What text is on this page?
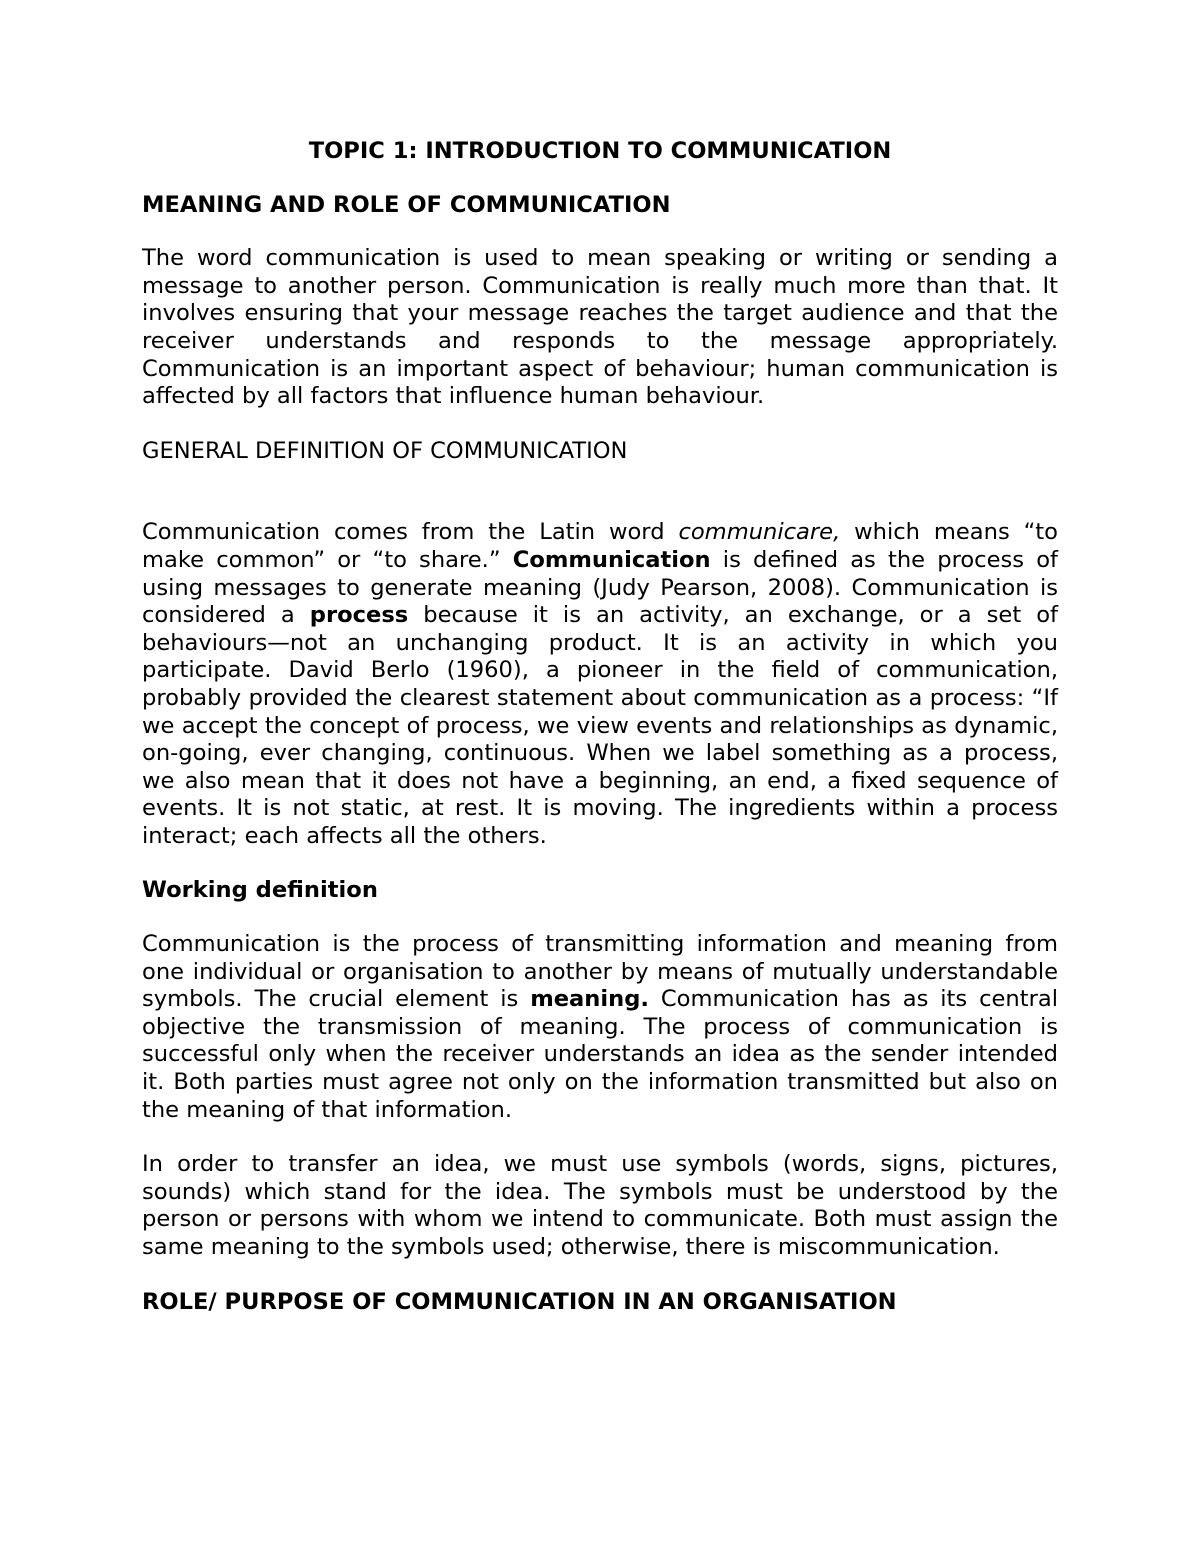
TOPIC 1: INTRODUCTION TO COMMUNICATION
MEANING AND ROLE OF COMMUNICATION

The word communication is used to mean speaking or writing or sending a message to another person. Communication is really much more than that. It involves ensuring that your message reaches the target audience and that the receiver understands and responds to the message appropriately. Communication is an important aspect of behaviour; human communication is affected by all factors that influence human behaviour.

GENERAL DEFINITION OF COMMUNICATION

Communication comes from the Latin word communicare, which means “to make common” or “to share.” Communication is defined as the process of using messages to generate meaning (Judy Pearson, 2008). Communication is considered a process because it is an activity, an exchange, or a set of behaviours—not an unchanging product. It is an activity in which you participate. David Berlo (1960), a pioneer in the field of communication, probably provided the clearest statement about communication as a process: “If we accept the concept of process, we view events and relationships as dynamic, on-going, ever changing, continuous. When we label something as a process, we also mean that it does not have a beginning, an end, a fixed sequence of events. It is not static, at rest. It is moving. The ingredients within a process interact; each affects all the others.

Working definition

Communication is the process of transmitting information and meaning from one individual or organisation to another by means of mutually understandable symbols. The crucial element is meaning. Communication has as its central objective the transmission of meaning. The process of communication is successful only when the receiver understands an idea as the sender intended it. Both parties must agree not only on the information transmitted but also on the meaning of that information.

In order to transfer an idea, we must use symbols (words, signs, pictures, sounds) which stand for the idea. The symbols must be understood by the person or persons with whom we intend to communicate. Both must assign the same meaning to the symbols used; otherwise, there is miscommunication.

ROLE/ PURPOSE OF COMMUNICATION IN AN ORGANISATION
